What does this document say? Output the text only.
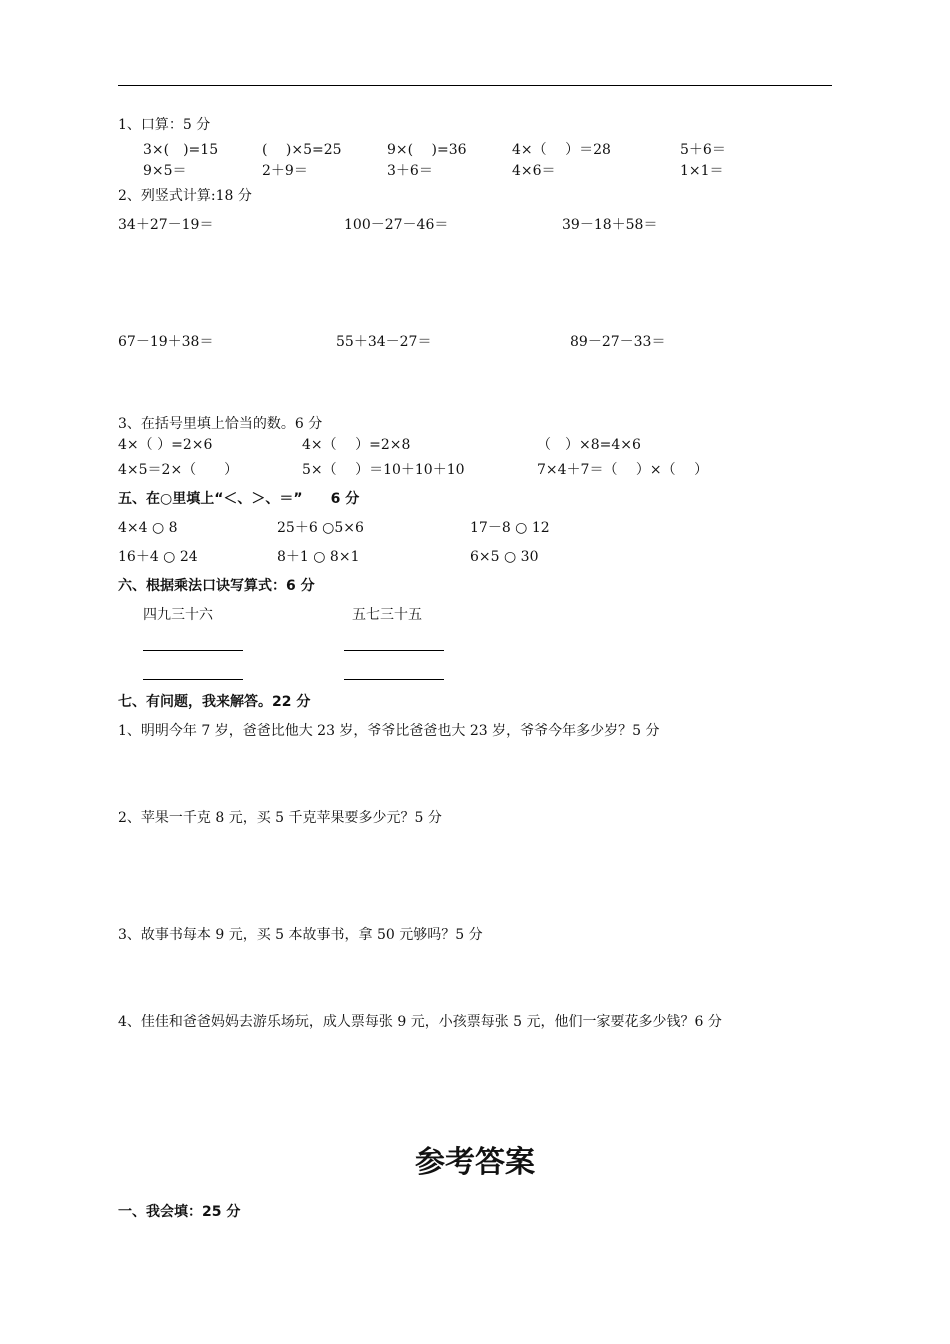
1、口算：5 分
3×(　)=15	(　 )×5=25	9×(　 )=36	4×（　 ）＝28	5＋6＝
9×5＝	2＋9＝	3＋6＝	4×6＝	1×1＝
2、列竖式计算:18 分
34＋27－19＝	100－27－46＝	39－18＋58＝
67－19＋38＝	55＋34－27＝	89－27－33＝
3、在括号里填上恰当的数。6 分
4×（ ）=2×6	4×（　 ）=2×8	（　）×8=4×6
4×5＝2×（　　）	5×（　 ）＝10＋10＋10	7×4＋7＝（　 ）×（　 ）
五、在○里填上“＜、＞、＝”　　6 分
4×4 ○ 8	25＋6 ○5×6	17－8 ○ 12
16＋4 ○ 24	8＋1 ○ 8×1	6×5 ○ 30
六、根据乘法口诀写算式：6 分
四九三十六	五七三十五
七、有问题，我来解答。22 分
1、明明今年 7 岁，爸爸比他大 23 岁，爷爷比爸爸也大 23 岁，爷爷今年多少岁？5 分
2、苹果一千克 8 元，买 5 千克苹果要多少元？5 分
3、故事书每本 9 元，买 5 本故事书，拿 50 元够吗？5 分
4、佳佳和爸爸妈妈去游乐场玩，成人票每张 9 元，小孩票每张 5 元，他们一家要花多少钱？6 分
参考答案
一、我会填：25 分
